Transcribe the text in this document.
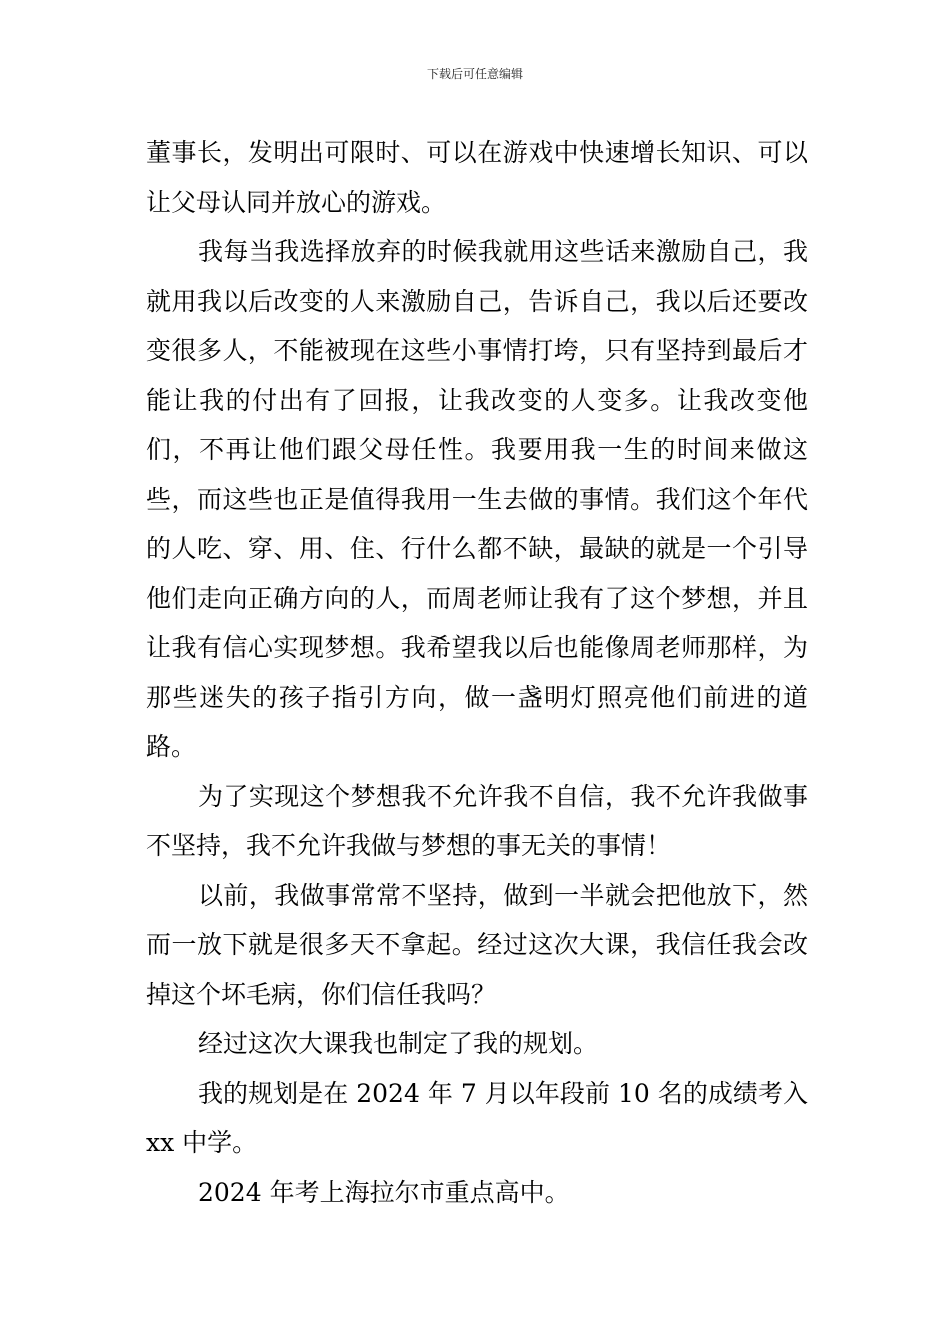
下载后可任意编辑

董事长，发明出可限时、可以在游戏中快速增长知识、可以让父母认同并放心的游戏。

我每当我选择放弃的时候我就用这些话来激励自己，我就用我以后改变的人来激励自己，告诉自己，我以后还要改变很多人，不能被现在这些小事情打垮，只有坚持到最后才能让我的付出有了回报，让我改变的人变多。让我改变他们，不再让他们跟父母任性。我要用我一生的时间来做这些，而这些也正是值得我用一生去做的事情。我们这个年代的人吃、穿、用、住、行什么都不缺，最缺的就是一个引导他们走向正确方向的人，而周老师让我有了这个梦想，并且让我有信心实现梦想。我希望我以后也能像周老师那样，为那些迷失的孩子指引方向，做一盏明灯照亮他们前进的道路。

为了实现这个梦想我不允许我不自信，我不允许我做事不坚持，我不允许我做与梦想的事无关的事情！

以前，我做事常常不坚持，做到一半就会把他放下，然而一放下就是很多天不拿起。经过这次大课，我信任我会改掉这个坏毛病，你们信任我吗？

经过这次大课我也制定了我的规划。

我的规划是在 2024 年 7 月以年段前 10 名的成绩考入 xx 中学。

2024 年考上海拉尔市重点高中。
